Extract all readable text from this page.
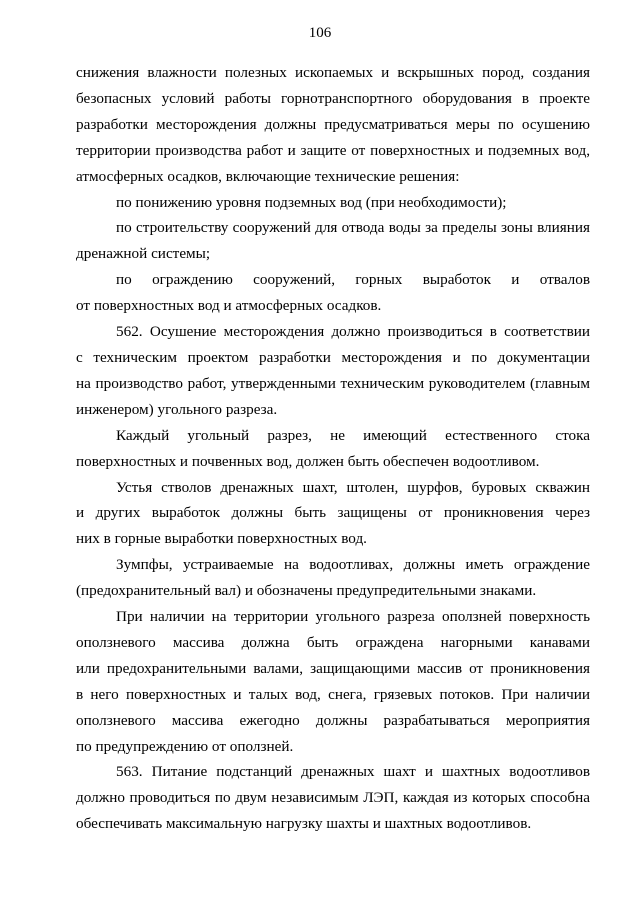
106

снижения влажности полезных ископаемых и вскрышных пород, создания

безопасных условий работы горнотранспортного оборудования в проекте

разработки месторождения должны предусматриваться меры по осушению

территории производства работ и защите от поверхностных и подземных вод,

атмосферных осадков, включающие технические решения:

по понижению уровня подземных вод (при необходимости);

по строительству сооружений для отвода воды за пределы зоны влияния

дренажной системы;

по ограждению сооружений, горных выработок и отвалов

от поверхностных вод и атмосферных осадков.

562. Осушение месторождения должно производиться в соответствии

с техническим проектом разработки месторождения и по документации

на производство работ, утвержденными техническим руководителем (главным

инженером) угольного разреза.

Каждый угольный разрез, не имеющий естественного стока

поверхностных и почвенных вод, должен быть обеспечен водоотливом.

Устья стволов дренажных шахт, штолен, шурфов, буровых скважин

и других выработок должны быть защищены от проникновения через

них в горные выработки поверхностных вод.

Зумпфы, устраиваемые на водоотливах, должны иметь ограждение

(предохранительный вал) и обозначены предупредительными знаками.

При наличии на территории угольного разреза оползней поверхность

оползневого массива должна быть ограждена нагорными канавами

или предохранительными валами, защищающими массив от проникновения

в него поверхностных и талых вод, снега, грязевых потоков. При наличии

оползневого массива ежегодно должны разрабатываться мероприятия

по предупреждению от оползней.

563. Питание подстанций дренажных шахт и шахтных водоотливов

должно проводиться по двум независимым ЛЭП, каждая из которых способна

обеспечивать максимальную нагрузку шахты и шахтных водоотливов.
